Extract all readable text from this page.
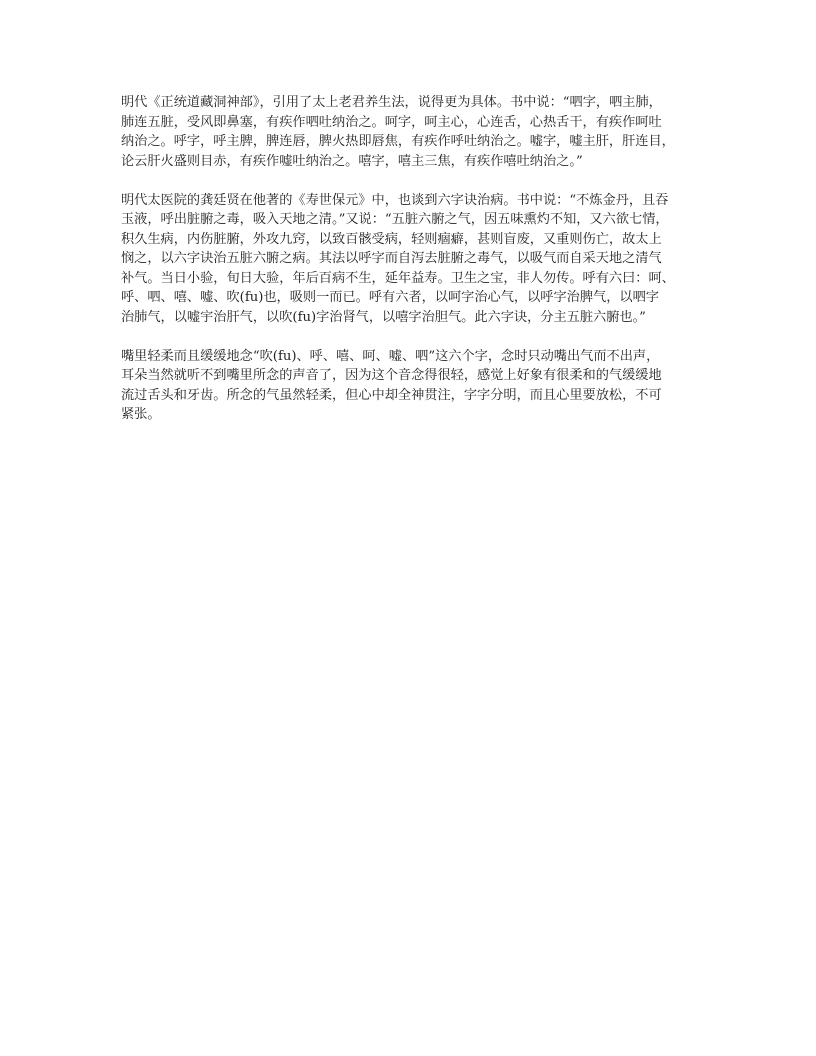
明代《正统道藏洞神部》，引用了太上老君养生法，说得更为具体。书中说：“呬字，呬主肺，
肺连五脏，受风即鼻塞，有疾作呬吐纳治之。呵字，呵主心，心连舌，心热舌干，有疾作呵吐
纳治之。呼字，呼主脾，脾连唇，脾火热即唇焦，有疾作呼吐纳治之。嘘字，嘘主肝，肝连目，
论云肝火盛则目赤，有疾作嘘吐纳治之。嘻字，嘻主三焦，有疾作嘻吐纳治之。”

明代太医院的龚廷贤在他著的《寿世保元》中，也谈到六字诀治病。书中说：“不炼金丹，且吞
玉液，呼出脏腑之毒，吸入天地之清。”又说：“五脏六腑之气，因五味熏灼不知，又六欲七情，
积久生病，内伤脏腑，外攻九窍，以致百骸受病，轻则痼癖，甚则盲废，又重则伤亡，故太上
悯之，以六字诀治五脏六腑之病。其法以呼字而自泻去脏腑之毒气，以吸气而自采天地之清气
补气。当日小验，旬日大验，年后百病不生，延年益寿。卫生之宝，非人勿传。呼有六曰：呵、
呼、呬、嘻、嘘、吹(fu)也，吸则一而已。呼有六者，以呵字治心气，以呼字治脾气，以呬字
治肺气，以嘘宇治肝气，以吹(fu)字治肾气，以嘻字治胆气。此六字诀，分主五脏六腑也。”

嘴里轻柔而且缓缓地念“吹(fu)、呼、嘻、呵、嘘、呬”这六个字，念时只动嘴出气而不出声，
耳朵当然就听不到嘴里所念的声音了，因为这个音念得很轻，感觉上好象有很柔和的气缓缓地
流过舌头和牙齿。所念的气虽然轻柔，但心中却全神贯注，字字分明，而且心里要放松，不可
紧张。
